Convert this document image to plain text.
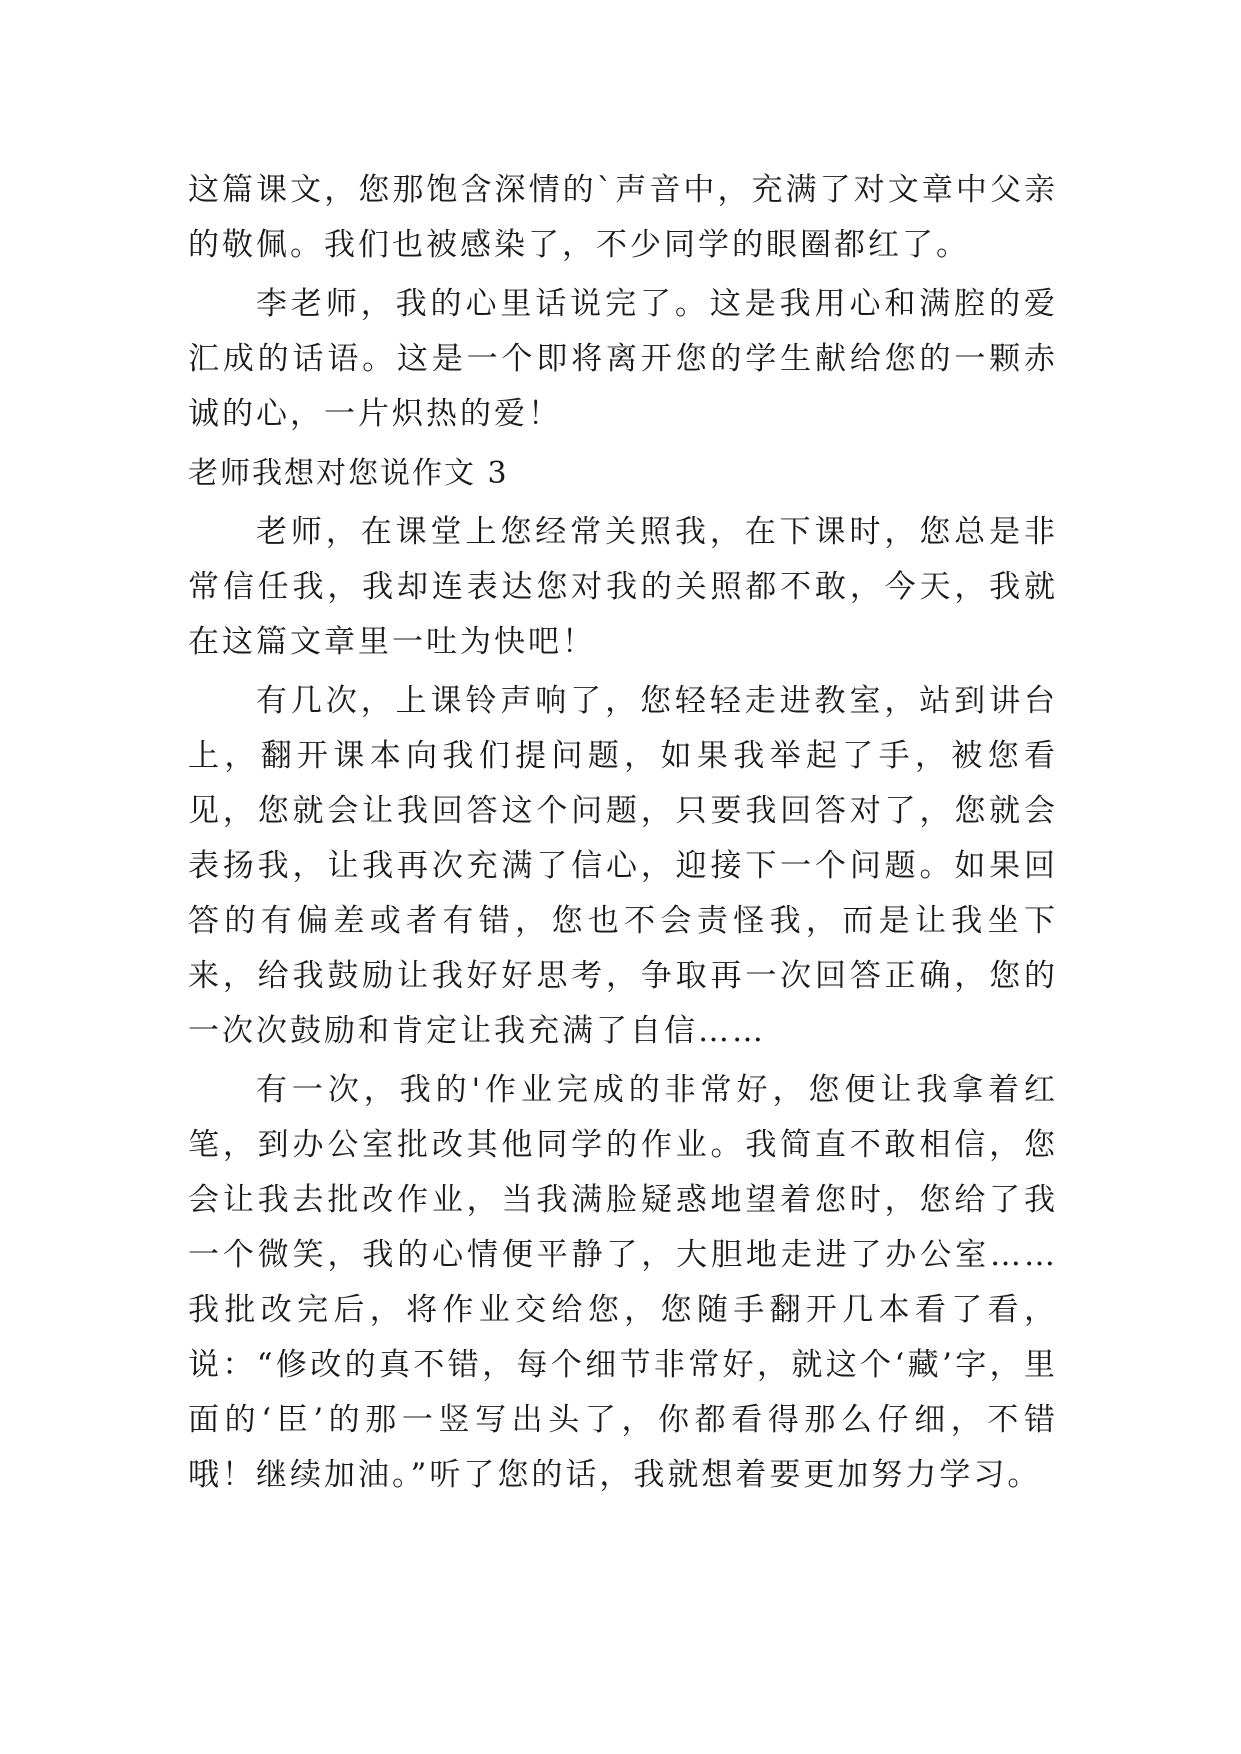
这篇课文，您那饱含深情的`声音中，充满了对文章中父亲的敬佩。我们也被感染了，不少同学的眼圈都红了。

李老师，我的心里话说完了。这是我用心和满腔的爱汇成的话语。这是一个即将离开您的学生献给您的一颗赤诚的心，一片炽热的爱！

老师我想对您说作文 3

老师，在课堂上您经常关照我，在下课时，您总是非常信任我，我却连表达您对我的关照都不敢，今天，我就在这篇文章里一吐为快吧！

有几次，上课铃声响了，您轻轻走进教室，站到讲台上，翻开课本向我们提问题，如果我举起了手，被您看见，您就会让我回答这个问题，只要我回答对了，您就会表扬我，让我再次充满了信心，迎接下一个问题。如果回答的有偏差或者有错，您也不会责怪我，而是让我坐下来，给我鼓励让我好好思考，争取再一次回答正确，您的一次次鼓励和肯定让我充满了自信……

有一次，我的'作业完成的非常好，您便让我拿着红笔，到办公室批改其他同学的作业。我简直不敢相信，您会让我去批改作业，当我满脸疑惑地望着您时，您给了我一个微笑，我的心情便平静了，大胆地走进了办公室……我批改完后，将作业交给您，您随手翻开几本看了看，说：“修改的真不错，每个细节非常好，就这个‘藏’字，里面的‘臣’的那一竖写出头了，你都看得那么仔细，不错哦！继续加油。”听了您的话，我就想着要更加努力学习。
